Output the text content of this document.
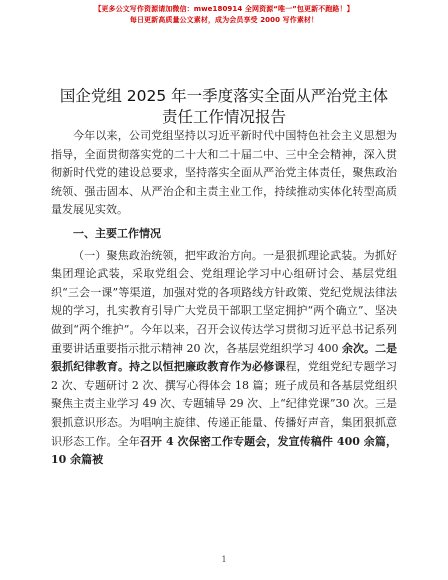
【更多公文写作资源请加微信：mwe180914 全网资源“唯一”包更新不跑路！】
每日更新高质量公文素材，成为会员享受 2000 写作素材！
国企党组 2025 年一季度落实全面从严治党主体
责任工作情况报告

今年以来，公司党组坚持以习近平新时代中国特色社会主义思想为指导，全面贯彻落实党的二十大和二十届二中、三中全会精神，深入贯彻新时代党的建设总要求，坚持落实全面从严治党主体责任，聚焦政治统领、强击固本、从严治企和主责主业工作，持续推动实体化转型高质量发展见实效。

一、主要工作情况

（一）聚焦政治统领，把牢政治方向。一是狠抓理论武装。为抓好集团理论武装，采取党组会、党组理论学习中心组研讨会、基层党组织“三会一课”等渠道，加强对党的各项路线方针政策、党纪党规法律法规的学习，扎实教育引导广大党员干部职工坚定拥护“两个确立”、坚决做到“两个维护”。今年以来，召开会议传达学习贯彻习近平总书记系列重要讲话重要指示批示精神 20 次，各基层党组织学习 400 余次。二是狠抓纪律教育。持之以恒把廉政教育作为必修课程，党组党纪专题学习 2 次、专题研讨 2 次、撰写心得体会 18 篇；班子成员和各基层党组织聚焦主责主业学习 49 次、专题辅导 29 次、上“纪律党课”30 次。三是狠抓意识形态。为唱响主旋律、传递正能量、传播好声音，集团狠抓意识形态工作。全年召开 4 次保密工作专题会，发宣传稿件 400 余篇，10 余篇被

1
